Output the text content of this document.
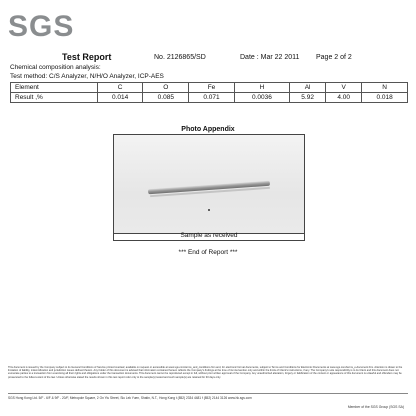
SGS
Test Report	No. 2126865/SD	Date : Mar 22 2011 Page 2 of 2
Chemical composition analysis:
Test method: C/S Analyzer, N/H/O Analyzer, ICP-AES
Element	C	O	Fe	H	Al	V	N
Result ,%	0.014	0.085	0.071	0.0036	5.92	4.00	0.018
Photo Appendix
Sample as received
*** End of Report ***
This document is issued by the Company subject to its General Conditions of Service printed overleaf, available on request or accessible at www.sgs.com/terms_and_conditions.htm and, for electronic format documents, subject to Terms and Conditions for Electronic Documents at www.sgs.com/terms_e-document.htm. Attention is drawn to the limitation of liability, indemnification and jurisdiction issues defined therein. Any holder of this document is advised that information contained hereon reflects the Company's findings at the time of its intervention only and within the limits of Client's instructions, if any. The Company's sole responsibility is to its Client and this document does not exonerate parties to a transaction from exercising all their rights and obligations under the transaction documents. This document cannot be reproduced except in full, without prior written approval of the Company. Any unauthorized alteration, forgery or falsification of the content or appearance of this document is unlawful and offenders may be prosecuted to the fullest extent of the law. Unless otherwise stated the results shown in this test report refer only to the sample(s) tested and such sample(s) are retained for 30 days only.
SGS Hong Kong Ltd. 5/F - 6/F & 9/F - 20/F, Metropole Square, 2 On Yiu Street, Siu Lek Yuen, Shatin, N.T., Hong Kong t (852) 2334 4481 f (852) 2144 3126 www.hk.sgs.com
Member of the SGS Group (SGS SA)
